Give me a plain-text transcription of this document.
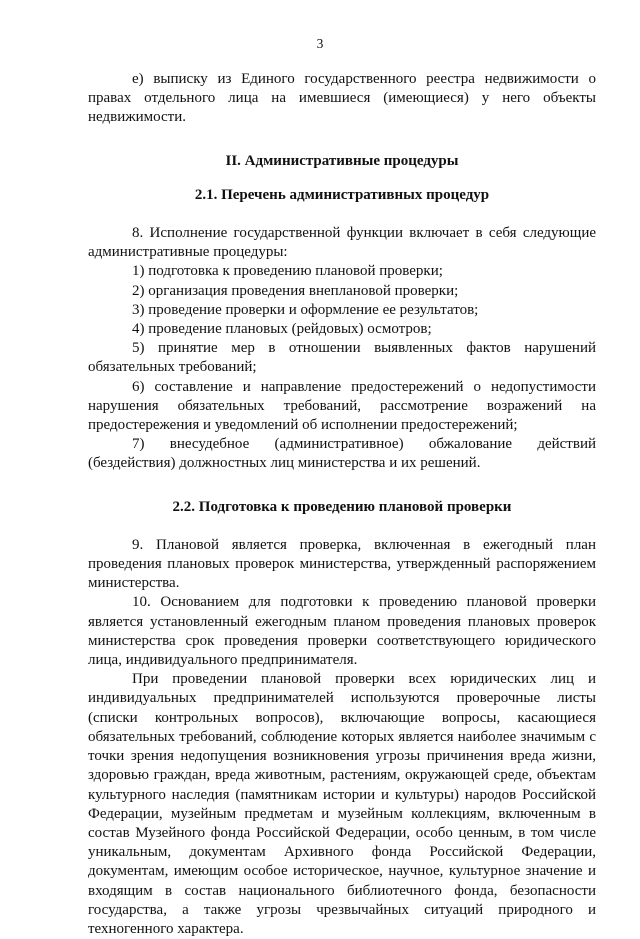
3

е) выписку из Единого государственного реестра недвижимости о правах отдельного лица на имевшиеся (имеющиеся) у него объекты недвижимости.

II. Административные процедуры

2.1. Перечень административных процедур

8. Исполнение государственной функции включает в себя следующие административные процедуры:

1) подготовка к проведению плановой проверки;

2) организация проведения внеплановой проверки;

3) проведение проверки и оформление ее результатов;

4) проведение плановых (рейдовых) осмотров;

5) принятие мер в отношении выявленных фактов нарушений обязательных требований;

6) составление и направление предостережений о недопустимости нарушения обязательных требований, рассмотрение возражений на предостережения и уведомлений об исполнении предостережений;

7) внесудебное (административное) обжалование действий (бездействия) должностных лиц министерства и их решений.

2.2. Подготовка к проведению плановой проверки

9. Плановой является проверка, включенная в ежегодный план проведения плановых проверок министерства, утвержденный распоряжением министерства.

10. Основанием для подготовки к проведению плановой проверки является установленный ежегодным планом проведения плановых проверок министерства срок проведения проверки соответствующего юридического лица, индивидуального предпринимателя.

При проведении плановой проверки всех юридических лиц и индивидуальных предпринимателей используются проверочные листы (списки контрольных вопросов), включающие вопросы, касающиеся обязательных требований, соблюдение которых является наиболее значимым с точки зрения недопущения возникновения угрозы причинения вреда жизни, здоровью граждан, вреда животным, растениям, окружающей среде, объектам культурного наследия (памятникам истории и культуры) народов Российской Федерации, музейным предметам и музейным коллекциям, включенным в состав Музейного фонда Российской Федерации, особо ценным, в том числе уникальным, документам Архивного фонда Российской Федерации, документам, имеющим особое историческое, научное, культурное значение и входящим в состав национального библиотечного фонда, безопасности государства, а также угрозы чрезвычайных ситуаций природного и техногенного характера.
